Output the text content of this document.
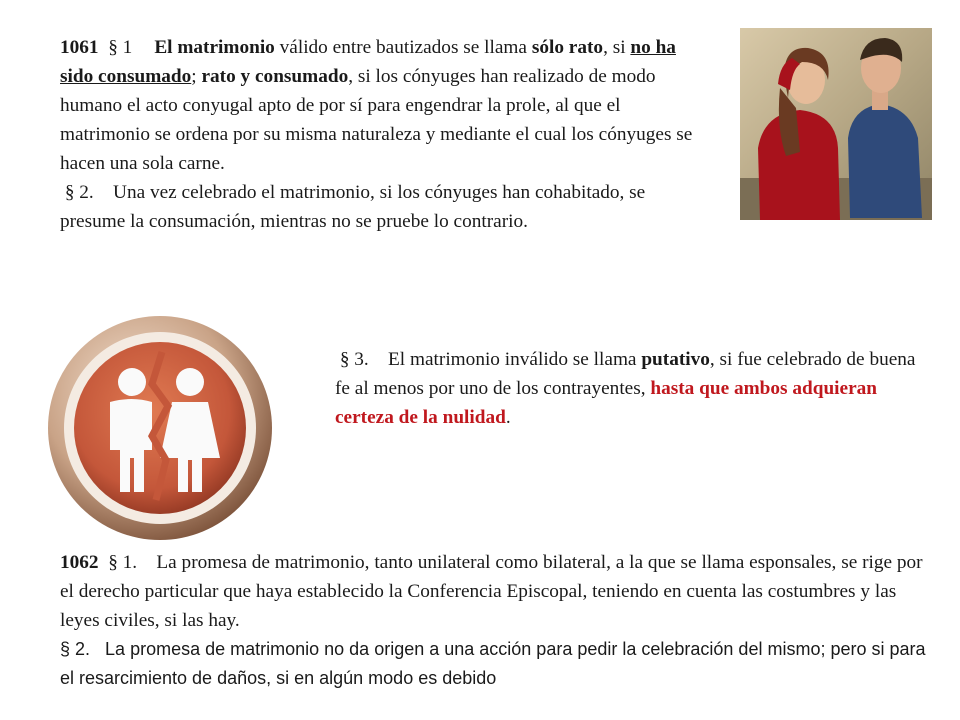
1061 § 1 El matrimonio válido entre bautizados se llama sólo rato, si no ha sido consumado; rato y consumado, si los cónyuges han realizado de modo humano el acto conyugal apto de por sí para engendrar la prole, al que el matrimonio se ordena por su misma naturaleza y mediante el cual los cónyuges se hacen una sola carne.

§ 2. Una vez celebrado el matrimonio, si los cónyuges han cohabitado, se presume la consumación, mientras no se pruebe lo contrario.

§ 3. El matrimonio inválido se llama putativo, si fue celebrado de buena fe al menos por uno de los contrayentes, hasta que ambos adquieran certeza de la nulidad.

1062 § 1. La promesa de matrimonio, tanto unilateral como bilateral, a la que se llama esponsales, se rige por el derecho particular que haya establecido la Conferencia Episcopal, teniendo en cuenta las costumbres y las leyes civiles, si las hay.

§ 2. La promesa de matrimonio no da origen a una acción para pedir la celebración del mismo; pero si para el resarcimiento de daños, si en algún modo es debido
